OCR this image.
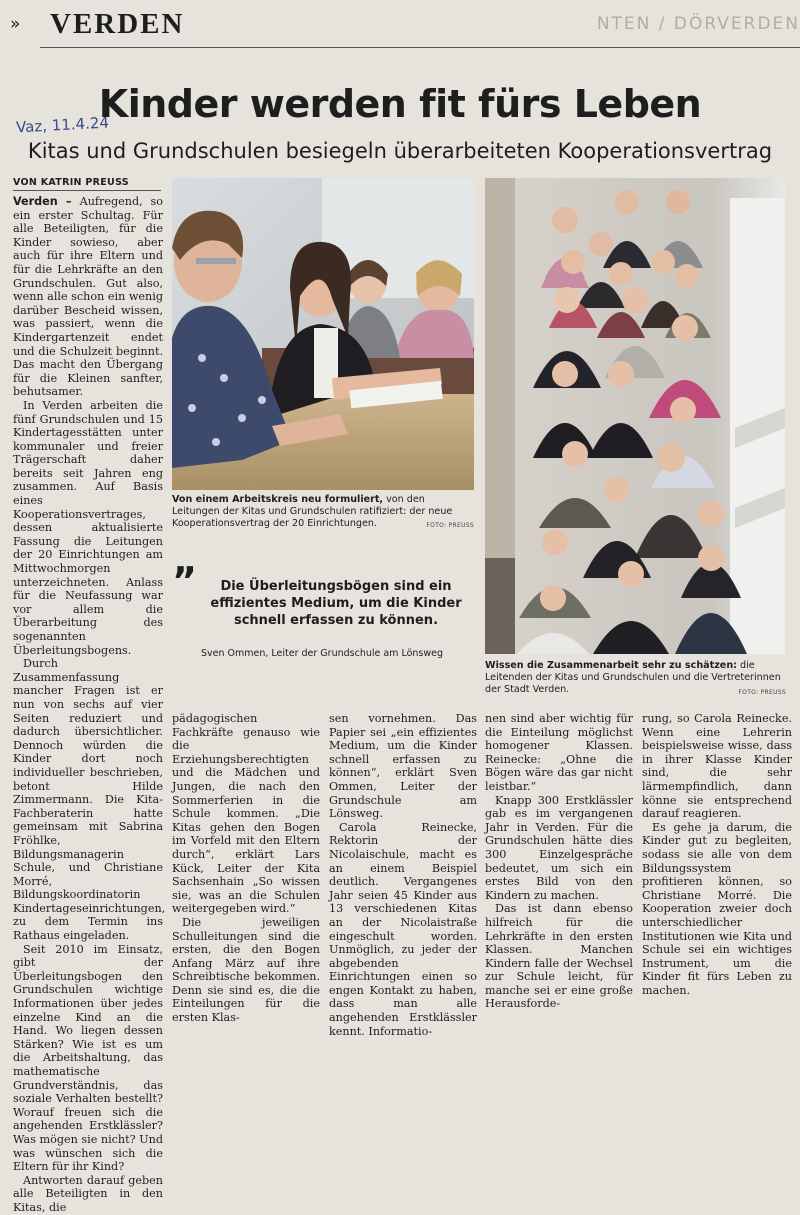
» VERDEN	NTEN / DÖRVERDEN
Kinder werden fit fürs Leben
Vaz, 11.4.24
Kitas und Grundschulen besiegeln überarbeiteten Kooperationsvertrag
VON KATRIN PREUSS

Verden – Aufregend, so ein erster Schultag. Für alle Beteiligten, für die Kinder sowieso, aber auch für ihre Eltern und für die Lehrkräfte an den Grundschulen. Gut also, wenn alle schon ein wenig darüber Bescheid wissen, was passiert, wenn die Kindergartenzeit endet und die Schulzeit beginnt. Das macht den Übergang für die Kleinen sanfter, behutsamer.

In Verden arbeiten die fünf Grundschulen und 15 Kindertagesstätten unter kommunaler und freier Trägerschaft daher bereits seit Jahren eng zusammen. Auf Basis eines Kooperationsvertrages, dessen aktualisierte Fassung die Leitungen der 20 Einrichtungen am Mittwochmorgen unterzeichneten. Anlass für die Neufassung war vor allem die Überarbeitung des sogenannten Überleitungsbogens.

Durch Zusammenfassung mancher Fragen ist er nun von sechs auf vier Seiten reduziert und dadurch übersichtlicher. Dennoch würden die Kinder dort noch individueller beschrieben, betont Hilde Zimmermann. Die Kita-Fachberaterin hatte gemeinsam mit Sabrina Fröhlke, Bildungsmanagerin Schule, und Christiane Morré, Bildungskoordinatorin Kindertageseinrichtungen, zu dem Termin ins Rathaus eingeladen.

Seit 2010 im Einsatz, gibt der Überleitungsbogen den Grundschulen wichtige Informationen über jedes einzelne Kind an die Hand. Wo liegen dessen Stärken? Wie ist es um die Arbeitshaltung, das mathematische Grundverständnis, das soziale Verhalten bestellt? Worauf freuen sich die angehenden Erstklässler? Was mögen sie nicht? Und was wünschen sich die Eltern für ihr Kind?

Antworten darauf geben alle Beteiligten in den Kitas, die

Von einem Arbeitskreis neu formuliert, von den Leitungen der Kitas und Grundschulen ratifiziert: der neue Kooperationsvertrag der 20 Einrichtungen.	FOTO: PREUSS
”	Die Überleitungsbögen sind ein effizientes Medium, um die Kinder schnell erfassen zu können.
Sven Ommen, Leiter der Grundschule am Lönsweg
Wissen die Zusammenarbeit sehr zu schätzen: die Leitenden der Kitas und Grundschulen und die Vertreterinnen der Stadt Verden.	FOTO: PREUSS

pädagogischen Fachkräfte genauso wie die Erziehungsberechtigten und die Mädchen und Jungen, die nach den Sommerferien in die Schule kommen. „Die Kitas gehen den Bogen im Vorfeld mit den Eltern durch“, erklärt Lars Kück, Leiter der Kita Sachsenhain „So wissen sie, was an die Schulen weitergegeben wird.“

Die jeweiligen Schulleitungen sind die ersten, die den Bogen Anfang März auf ihre Schreibtische bekommen. Denn sie sind es, die die Einteilungen für die ersten Klas-

sen vornehmen. Das Papier sei „ein effizientes Medium, um die Kinder schnell erfassen zu können“, erklärt Sven Ommen, Leiter der Grundschule am Lönsweg.

Carola Reinecke, Rektorin der Nicolaischule, macht es an einem Beispiel deutlich. Vergangenes Jahr seien 45 Kinder aus 13 verschiedenen Kitas an der Nicolaistraße eingeschult worden. Unmöglich, zu jeder der abgebenden Einrichtungen einen so engen Kontakt zu haben, dass man alle angehenden Erstklässler kennt. Informatio-

nen sind aber wichtig für die Einteilung möglichst homogener Klassen. Reinecke: „Ohne die Bögen wäre das gar nicht leistbar.“

Knapp 300 Erstklässler gab es im vergangenen Jahr in Verden. Für die Grundschulen hätte dies 300 Einzelgespräche bedeutet, um sich ein erstes Bild von den Kindern zu machen.

Das ist dann ebenso hilfreich für die Lehrkräfte in den ersten Klassen. Manchen Kindern falle der Wechsel zur Schule leicht, für manche sei er eine große Herausforde-

rung, so Carola Reinecke. Wenn eine Lehrerin beispielsweise wisse, dass in ihrer Klasse Kinder sind, die sehr lärmempfindlich, dann könne sie entsprechend darauf reagieren.

Es gehe ja darum, die Kinder gut zu begleiten, sodass sie alle von dem Bildungssystem profitieren können, so Christiane Morré. Die Kooperation zweier doch unterschiedlicher Institutionen wie Kita und Schule sei ein wichtiges Instrument, um die Kinder fit fürs Leben zu machen.
